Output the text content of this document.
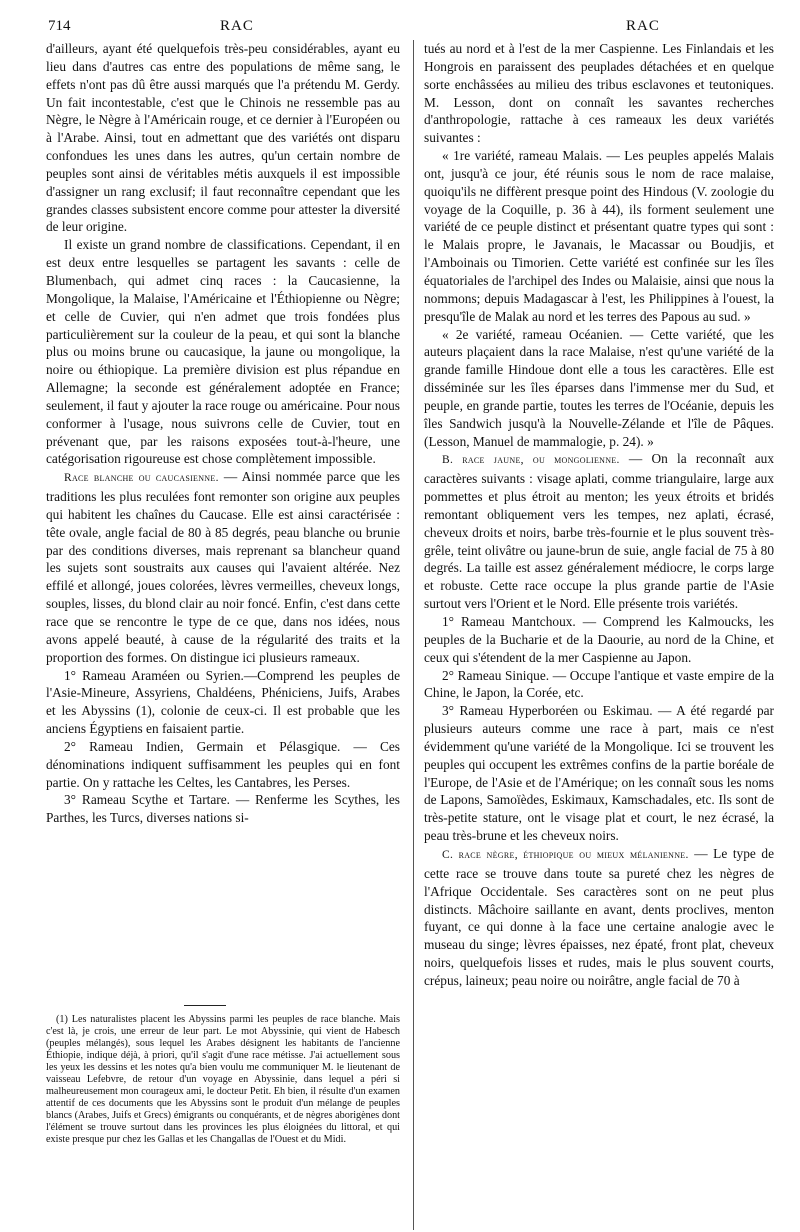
714	RAC	RAC

d'ailleurs, ayant été quelquefois très-peu considérables, ayant eu lieu dans d'autres cas entre des populations de même sang, le effets n'ont pas dû être aussi marqués que l'a prétendu M. Gerdy. Un fait incontestable, c'est que le Chinois ne ressemble pas au Nègre, le Nègre à l'Américain rouge, et ce dernier à l'Européen ou à l'Arabe. Ainsi, tout en admettant que des variétés ont disparu confondues les unes dans les autres, qu'un certain nombre de peuples sont ainsi de véritables métis auxquels il est impossible d'assigner un rang exclusif; il faut reconnaître cependant que les grandes classes subsistent encore comme pour attester la diversité de leur origine.

Il existe un grand nombre de classifications. Cependant, il en est deux entre lesquelles se partagent les savants : celle de Blumenbach, qui admet cinq races : la Caucasienne, la Mongolique, la Malaise, l'Américaine et l'Éthiopienne ou Nègre; et celle de Cuvier, qui n'en admet que trois fondées plus particulièrement sur la couleur de la peau, et qui sont la blanche plus ou moins brune ou caucasique, la jaune ou mongolique, la noire ou éthiopique. La première division est plus répandue en Allemagne; la seconde est généralement adoptée en France; seulement, il faut y ajouter la race rouge ou américaine. Pour nous conformer à l'usage, nous suivrons celle de Cuvier, tout en prévenant que, par les raisons exposées tout-à-l'heure, une catégorisation rigoureuse est chose complètement impossible.

Race blanche ou caucasienne. — Ainsi nommée parce que les traditions les plus reculées font remonter son origine aux peuples qui habitent les chaînes du Caucase. Elle est ainsi caractérisée : tête ovale, angle facial de 80 à 85 degrés, peau blanche ou brunie par des conditions diverses, mais reprenant sa blancheur quand les sujets sont soustraits aux causes qui l'avaient altérée. Nez effilé et allongé, joues colorées, lèvres vermeilles, cheveux longs, souples, lisses, du blond clair au noir foncé. Enfin, c'est dans cette race que se rencontre le type de ce que, dans nos idées, nous avons appelé beauté, à cause de la régularité des traits et la proportion des formes. On distingue ici plusieurs rameaux.

1° Rameau Araméen ou Syrien.—Comprend les peuples de l'Asie-Mineure, Assyriens, Chaldéens, Phéniciens, Juifs, Arabes et les Abyssins (1), colonie de ceux-ci. Il est probable que les anciens Égyptiens en faisaient partie.

2° Rameau Indien, Germain et Pélasgique. — Ces dénominations indiquent suffisamment les peuples qui en font partie. On y rattache les Celtes, les Cantabres, les Perses.

3° Rameau Scythe et Tartare. — Renferme les Scythes, les Parthes, les Turcs, diverses nations si-

(1) Les naturalistes placent les Abyssins parmi les peuples de race blanche. Mais c'est là, je crois, une erreur de leur part. Le mot Abyssinie, qui vient de Habesch (peuples mélangés), sous lequel les Arabes désignent les habitants de l'ancienne Éthiopie, indique déjà, à priori, qu'il s'agit d'une race métisse. J'ai actuellement sous les yeux les dessins et les notes qu'a bien voulu me communiquer M. le lieutenant de vaisseau Lefebvre, de retour d'un voyage en Abyssinie, dans lequel a péri si malheureusement mon courageux ami, le docteur Petit. Eh bien, il résulte d'un examen attentif de ces documents que les Abyssins sont le produit d'un mélange de peuples blancs (Arabes, Juifs et Grecs) émigrants ou conquérants, et de nègres aborigènes dont l'élément se trouve surtout dans les provinces les plus éloignées du littoral, et qui existe presque pur chez les Gallas et les Changallas de l'Ouest et du Midi.

tués au nord et à l'est de la mer Caspienne. Les Finlandais et les Hongrois en paraissent des peuplades détachées et en quelque sorte enchâssées au milieu des tribus esclavones et teutoniques. M. Lesson, dont on connaît les savantes recherches d'anthropologie, rattache à ces rameaux les deux variétés suivantes :

« 1re variété, rameau Malais. — Les peuples appelés Malais ont, jusqu'à ce jour, été réunis sous le nom de race malaise, quoiqu'ils ne diffèrent presque point des Hindous (V. zoologie du voyage de la Coquille, p. 36 à 44), ils forment seulement une variété de ce peuple distinct et présentant quatre types qui sont : le Malais propre, le Javanais, le Macassar ou Boudjis, et l'Amboinais ou Timorien. Cette variété est confinée sur les îles équatoriales de l'archipel des Indes ou Malaisie, ainsi que nous la nommons; depuis Madagascar à l'est, les Philippines à l'ouest, la presqu'île de Malak au nord et les terres des Papous au sud. »

« 2e variété, rameau Océanien. — Cette variété, que les auteurs plaçaient dans la race Malaise, n'est qu'une variété de la grande famille Hindoue dont elle a tous les caractères. Elle est disséminée sur les îles éparses dans l'immense mer du Sud, et peuple, en grande partie, toutes les terres de l'Océanie, depuis les îles Sandwich jusqu'à la Nouvelle-Zélande et l'île de Pâques. (Lesson, Manuel de mammalogie, p. 24). »

B. race jaune, ou mongolienne. — On la reconnaît aux caractères suivants : visage aplati, comme triangulaire, large aux pommettes et plus étroit au menton; les yeux étroits et bridés remontant obliquement vers les tempes, nez aplati, écrasé, cheveux droits et noirs, barbe très-fournie et le plus souvent très-grêle, teint olivâtre ou jaune-brun de suie, angle facial de 75 à 80 degrés. La taille est assez généralement médiocre, le corps large et robuste. Cette race occupe la plus grande partie de l'Asie surtout vers l'Orient et le Nord. Elle présente trois variétés.

1° Rameau Mantchoux. — Comprend les Kalmoucks, les peuples de la Bucharie et de la Daourie, au nord de la Chine, et ceux qui s'étendent de la mer Caspienne au Japon.

2° Rameau Sinique. — Occupe l'antique et vaste empire de la Chine, le Japon, la Corée, etc.

3° Rameau Hyperboréen ou Eskimau. — A été regardé par plusieurs auteurs comme une race à part, mais ce n'est évidemment qu'une variété de la Mongolique. Ici se trouvent les peuples qui occupent les extrêmes confins de la partie boréale de l'Europe, de l'Asie et de l'Amérique; on les connaît sous les noms de Lapons, Samoïèdes, Eskimaux, Kamschadales, etc. Ils sont de très-petite stature, ont le visage plat et court, le nez écrasé, la peau très-brune et les cheveux noirs.

C. race nègre, éthiopique ou mieux mélanienne. — Le type de cette race se trouve dans toute sa pureté chez les nègres de l'Afrique Occidentale. Ses caractères sont on ne peut plus distincts. Mâchoire saillante en avant, dents proclives, menton fuyant, ce qui donne à la face une certaine analogie avec le museau du singe; lèvres épaisses, nez épaté, front plat, cheveux noirs, quelquefois lisses et rudes, mais le plus souvent courts, crépus, laineux; peau noire ou noirâtre, angle facial de 70 à
